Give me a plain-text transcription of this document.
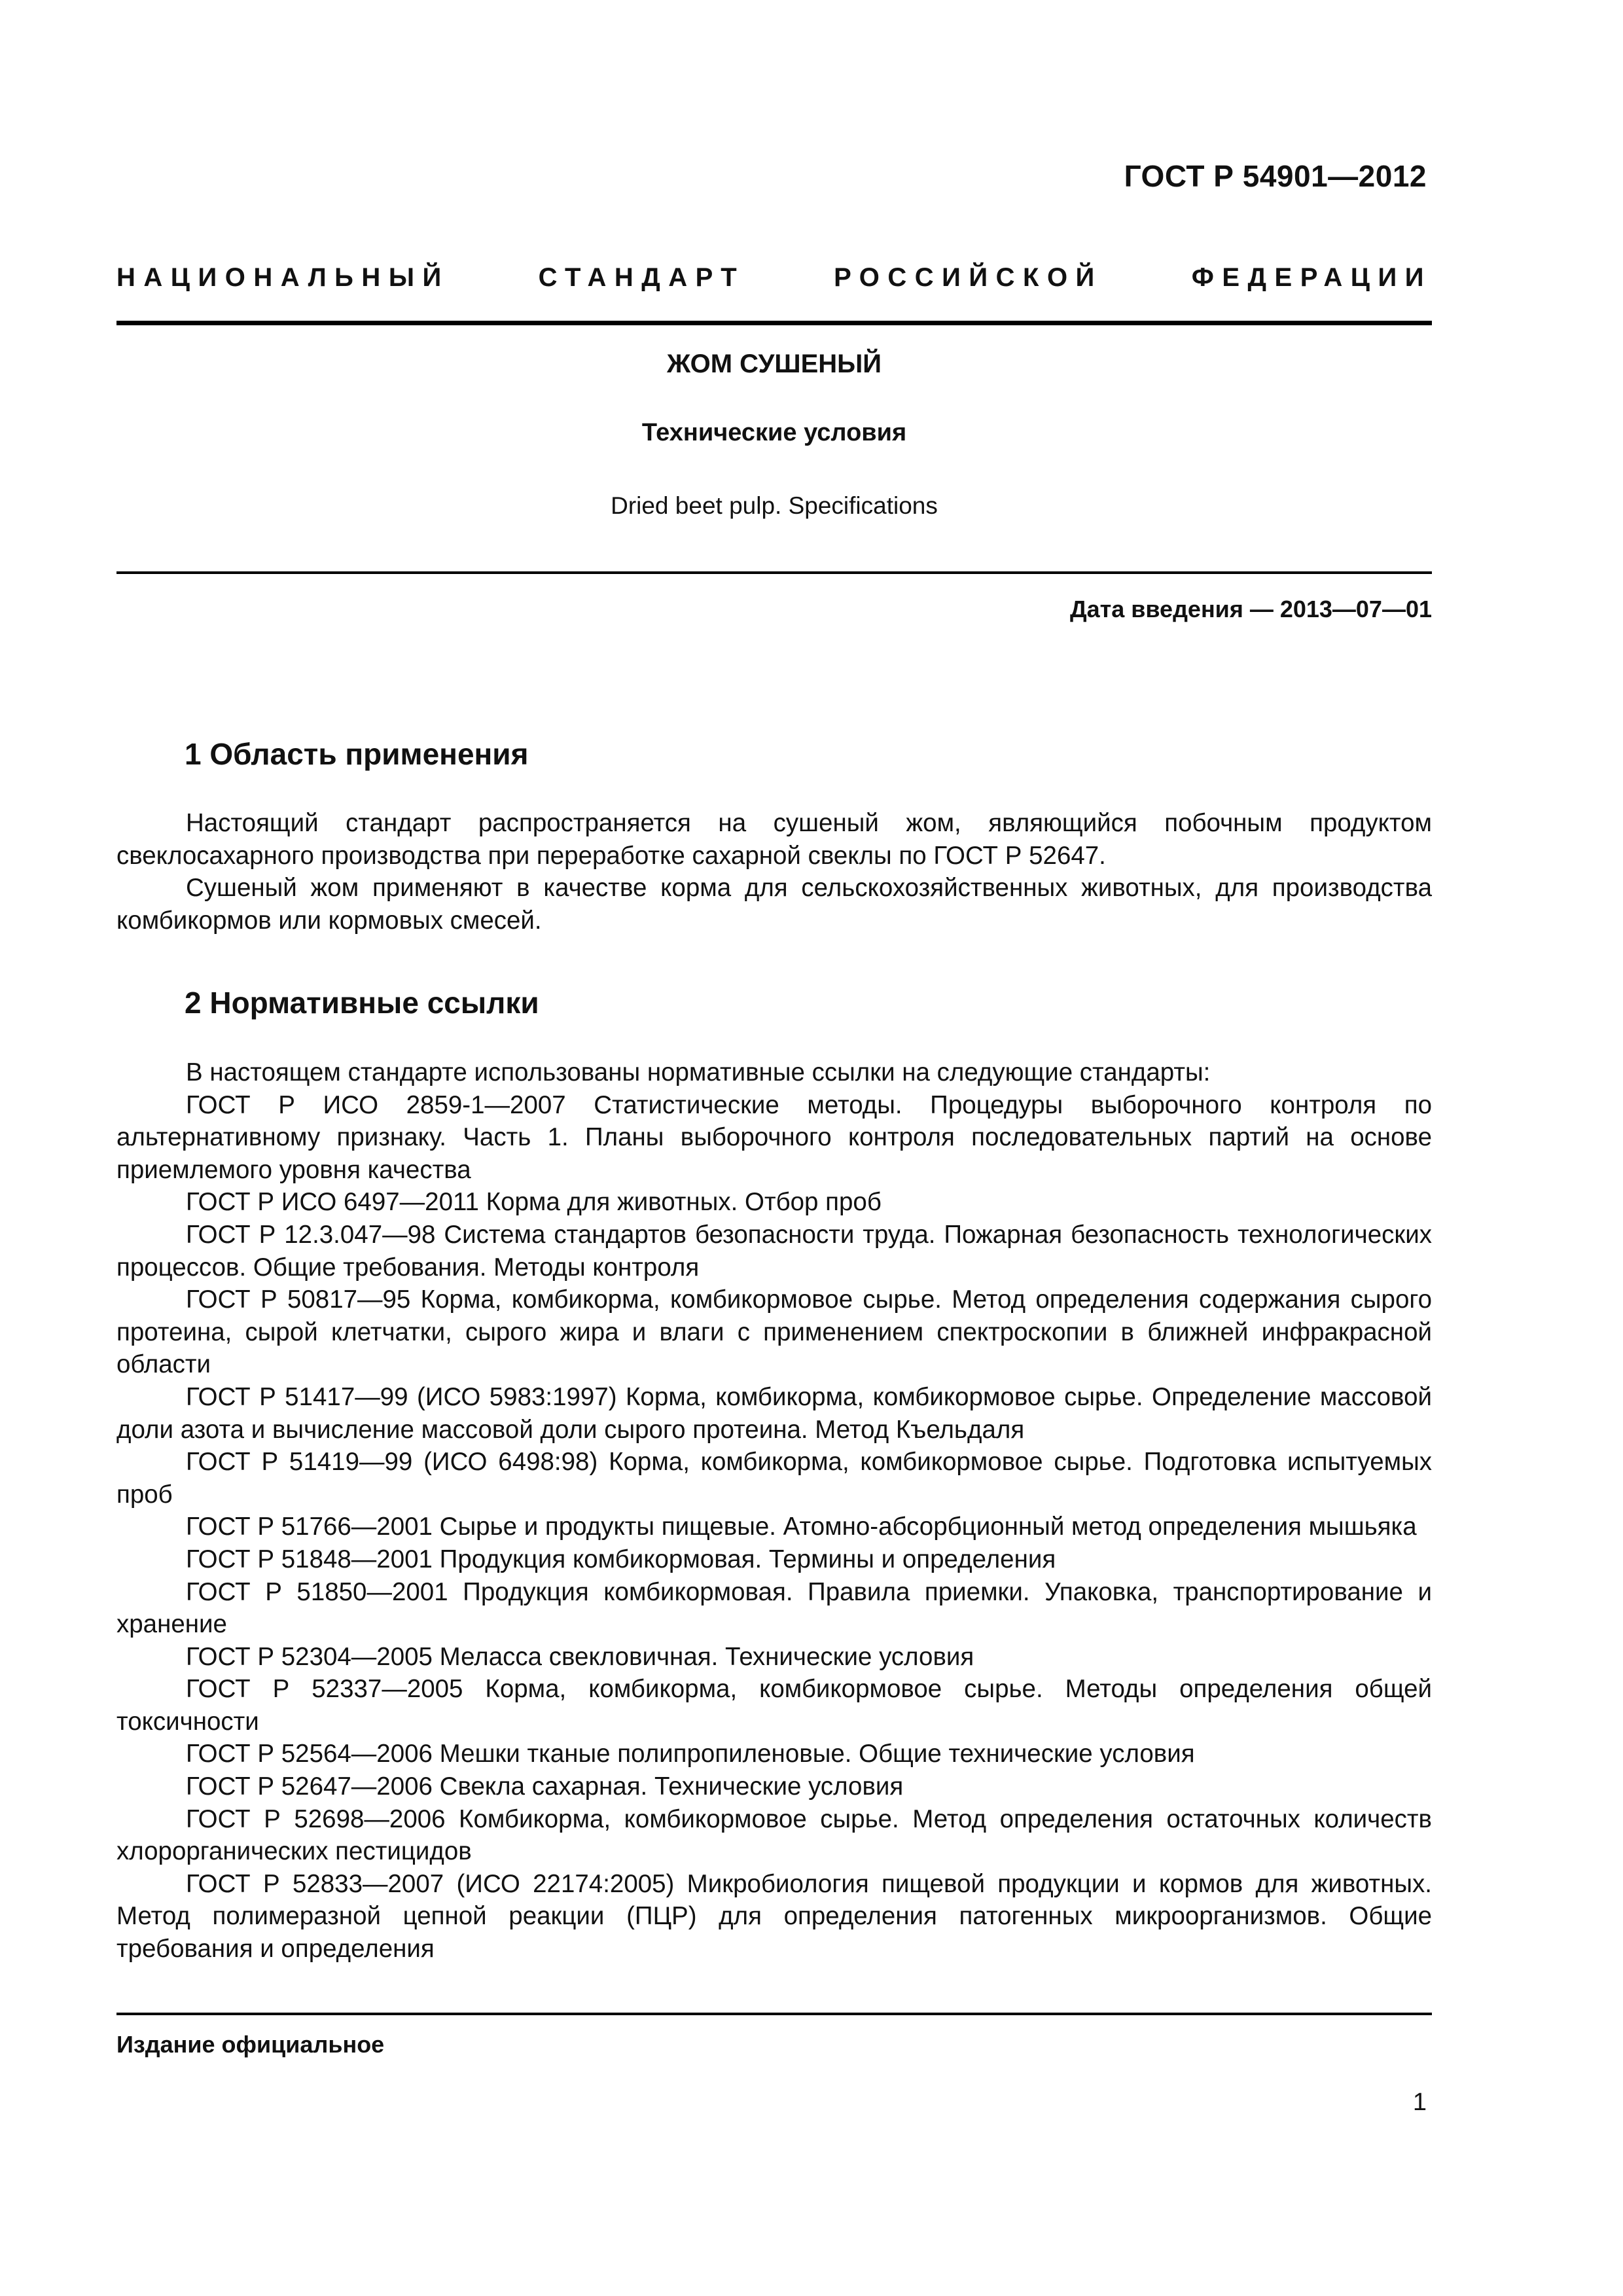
ГОСТ Р 54901—2012
НАЦИОНАЛЬНЫЙ СТАНДАРТ РОССИЙСКОЙ ФЕДЕРАЦИИ
ЖОМ СУШЕНЫЙ
Технические условия
Dried beet pulp. Specifications
Дата введения — 2013—07—01
1 Область применения

Настоящий стандарт распространяется на сушеный жом, являющийся побочным продуктом свеклосахарного производства при переработке сахарной свеклы по ГОСТ Р 52647.

Сушеный жом применяют в качестве корма для сельскохозяйственных животных, для производства комбикормов или кормовых смесей.

2 Нормативные ссылки

В настоящем стандарте использованы нормативные ссылки на следующие стандарты:

ГОСТ Р ИСО 2859-1—2007 Статистические методы. Процедуры выборочного контроля по альтернативному признаку. Часть 1. Планы выборочного контроля последовательных партий на основе приемлемого уровня качества

ГОСТ Р ИСО 6497—2011 Корма для животных. Отбор проб

ГОСТ Р 12.3.047—98 Система стандартов безопасности труда. Пожарная безопасность технологических процессов. Общие требования. Методы контроля

ГОСТ Р 50817—95 Корма, комбикорма, комбикормовое сырье. Метод определения содержания сырого протеина, сырой клетчатки, сырого жира и влаги с применением спектроскопии в ближней инфракрасной области

ГОСТ Р 51417—99 (ИСО 5983:1997) Корма, комбикорма, комбикормовое сырье. Определение массовой доли азота и вычисление массовой доли сырого протеина. Метод Къельдаля

ГОСТ Р 51419—99 (ИСО 6498:98) Корма, комбикорма, комбикормовое сырье. Подготовка испытуемых проб

ГОСТ Р 51766—2001 Сырье и продукты пищевые. Атомно-абсорбционный метод определения мышьяка

ГОСТ Р 51848—2001 Продукция комбикормовая. Термины и определения

ГОСТ Р 51850—2001 Продукция комбикормовая. Правила приемки. Упаковка, транспортирование и хранение

ГОСТ Р 52304—2005 Меласса свекловичная. Технические условия

ГОСТ Р 52337—2005 Корма, комбикорма, комбикормовое сырье. Методы определения общей токсичности

ГОСТ Р 52564—2006 Мешки тканые полипропиленовые. Общие технические условия

ГОСТ Р 52647—2006 Свекла сахарная. Технические условия

ГОСТ Р 52698—2006 Комбикорма, комбикормовое сырье. Метод определения остаточных количеств хлорорганических пестицидов

ГОСТ Р 52833—2007 (ИСО 22174:2005) Микробиология пищевой продукции и кормов для животных. Метод полимеразной цепной реакции (ПЦР) для определения патогенных микроорганизмов. Общие требования и определения

Издание официальное
1
